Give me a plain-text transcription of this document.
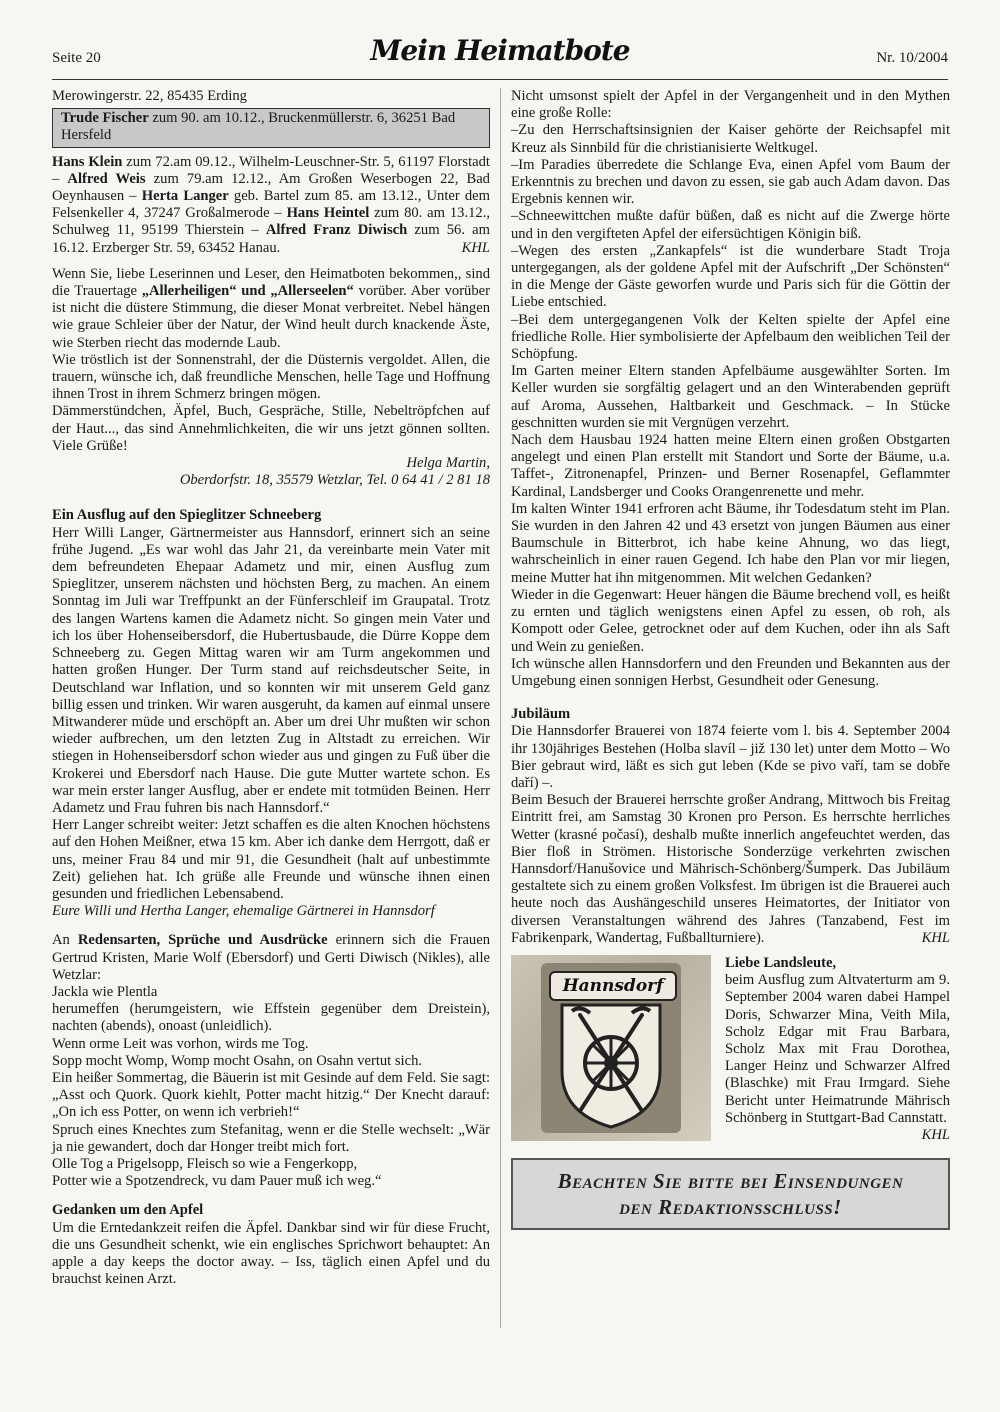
Seite 20	Mein Heimatbote	Nr. 10/2004

Merowingerstr. 22, 85435 Erding

Trude Fischer zum 90. am 10.12., Bruckenmüllerstr. 6, 36251 Bad Hersfeld

Hans Klein zum 72.am 09.12., Wilhelm-Leuschner-Str. 5, 61197 Florstadt – Alfred Weis zum 79.am 12.12., Am Großen Weserbogen 22, Bad Oeynhausen – Herta Langer geb. Bartel zum 85. am 13.12., Unter dem Felsenkeller 4, 37247 Großalmerode – Hans Heintel zum 80. am 13.12., Schulweg 11, 95199 Thierstein – Alfred Franz Diwisch zum 56. am 16.12. Erzberger Str. 59, 63452 Hanau.	KHL

Wenn Sie, liebe Leserinnen und Leser, den Heimatboten bekommen,, sind die Trauertage „Allerheiligen“ und „Allerseelen“ vorüber. Aber vorüber ist nicht die düstere Stimmung, die dieser Monat verbreitet. Nebel hängen wie graue Schleier über der Natur, der Wind heult durch knackende Äste, wie Sterben riecht das modernde Laub.

Wie tröstlich ist der Sonnenstrahl, der die Düsternis vergoldet. Allen, die trauern, wünsche ich, daß freundliche Menschen, helle Tage und Hoffnung ihnen Trost in ihrem Schmerz bringen mögen.

Dämmerstündchen, Äpfel, Buch, Gespräche, Stille, Nebeltröpfchen auf der Haut..., das sind Annehmlichkeiten, die wir uns jetzt gönnen sollten. Viele Grüße!

Helga Martin,

Oberdorfstr. 18, 35579 Wetzlar, Tel. 0 64 41 / 2 81 18

Ein Ausflug auf den Spieglitzer Schneeberg

Herr Willi Langer, Gärtnermeister aus Hannsdorf, erinnert sich an seine frühe Jugend. „Es war wohl das Jahr 21, da vereinbarte mein Vater mit dem befreundeten Ehepaar Adametz und mir, einen Ausflug zum Spieglitzer, unserem nächsten und höchsten Berg, zu machen. An einem Sonntag im Juli war Treffpunkt an der Fünferschleif im Graupatal. Trotz des langen Wartens kamen die Adametz nicht. So gingen mein Vater und ich los über Hohenseibersdorf, die Hubertusbaude, die Dürre Koppe dem Schneeberg zu. Gegen Mittag waren wir am Turm angekommen und hatten großen Hunger. Der Turm stand auf reichsdeutscher Seite, in Deutschland war Inflation, und so konnten wir mit unserem Geld ganz billig essen und trinken. Wir waren ausgeruht, da kamen auf einmal unsere Mitwanderer müde und erschöpft an. Aber um drei Uhr mußten wir schon wieder aufbrechen, um den letzten Zug in Altstadt zu erreichen. Wir stiegen in Hohenseibersdorf schon wieder aus und gingen zu Fuß über die Krokerei und Ebersdorf nach Hause. Die gute Mutter wartete schon. Es war mein erster langer Ausflug, aber er endete mit totmüden Beinen. Herr Adametz und Frau fuhren bis nach Hannsdorf.“

Herr Langer schreibt weiter: Jetzt schaffen es die alten Knochen höchstens auf den Hohen Meißner, etwa 15 km. Aber ich danke dem Herrgott, daß er uns, meiner Frau 84 und mir 91, die Gesundheit (halt auf unbestimmte Zeit) geliehen hat. Ich grüße alle Freunde und wünsche ihnen einen gesunden und friedlichen Lebensabend.

Eure Willi und Hertha Langer, ehemalige Gärtnerei in Hannsdorf

An Redensarten, Sprüche und Ausdrücke erinnern sich die Frauen Gertrud Kristen, Marie Wolf (Ebersdorf) und Gerti Diwisch (Nikles), alle Wetzlar:

Jackla wie Plentla

herumeffen (herumgeistern, wie Effstein gegenüber dem Dreistein), nachten (abends), onoast (unleidlich).

Wenn orme Leit was vorhon, wirds me Tog.

Sopp mocht Womp, Womp mocht Osahn, on Osahn vertut sich.

Ein heißer Sommertag, die Bäuerin ist mit Gesinde auf dem Feld. Sie sagt: „Asst och Quork. Quork kiehlt, Potter macht hitzig.“ Der Knecht darauf: „On ich ess Potter, on wenn ich verbrieh!“

Spruch eines Knechtes zum Stefanitag, wenn er die Stelle wechselt: „Wär ja nie gewandert, doch dar Honger treibt mich fort.

Olle Tog a Prigelsopp, Fleisch so wie a Fengerkopp,

Potter wie a Spotzendreck, vu dam Pauer muß ich weg.“

Gedanken um den Apfel

Um die Erntedankzeit reifen die Äpfel. Dankbar sind wir für diese Frucht, die uns Gesundheit schenkt, wie ein englisches Sprichwort behauptet: An apple a day keeps the doctor away. – Iss, täglich einen Apfel und du brauchst keinen Arzt.

Nicht umsonst spielt der Apfel in der Vergangenheit und in den Mythen eine große Rolle:

–Zu den Herrschaftsinsignien der Kaiser gehörte der Reichsapfel mit Kreuz als Sinnbild für die christianisierte Weltkugel.

–Im Paradies überredete die Schlange Eva, einen Apfel vom Baum der Erkenntnis zu brechen und davon zu essen, sie gab auch Adam davon. Das Ergebnis kennen wir.

–Schneewittchen mußte dafür büßen, daß es nicht auf die Zwerge hörte und in den vergifteten Apfel der eifersüchtigen Königin biß.

–Wegen des ersten „Zankapfels“ ist die wunderbare Stadt Troja untergegangen, als der goldene Apfel mit der Aufschrift „Der Schönsten“ in die Menge der Gäste geworfen wurde und Paris sich für die Göttin der Liebe entschied.

–Bei dem untergegangenen Volk der Kelten spielte der Apfel eine friedliche Rolle. Hier symbolisierte der Apfelbaum den weiblichen Teil der Schöpfung.

Im Garten meiner Eltern standen Apfelbäume ausgewählter Sorten. Im Keller wurden sie sorgfältig gelagert und an den Winterabenden geprüft auf Aroma, Aussehen, Haltbarkeit und Geschmack. – In Stücke geschnitten wurden sie mit Vergnügen verzehrt.

Nach dem Hausbau 1924 hatten meine Eltern einen großen Obstgarten angelegt und einen Plan erstellt mit Standort und Sorte der Bäume, u.a. Taffet-, Zitronenapfel, Prinzen- und Berner Rosenapfel, Geflammter Kardinal, Landsberger und Cooks Orangenrenette und mehr.

Im kalten Winter 1941 erfroren acht Bäume, ihr Todesdatum steht im Plan. Sie wurden in den Jahren 42 und 43 ersetzt von jungen Bäumen aus einer Baumschule in Bitterbrot, ich habe keine Ahnung, wo das liegt, wahrscheinlich in einer rauen Gegend. Ich habe den Plan vor mir liegen, meine Mutter hat ihn mitgenommen. Mit welchen Gedanken?

Wieder in die Gegenwart: Heuer hängen die Bäume brechend voll, es heißt zu ernten und täglich wenigstens einen Apfel zu essen, ob roh, als Kompott oder Gelee, getrocknet oder auf dem Kuchen, oder ihn als Saft und Wein zu genießen.

Ich wünsche allen Hannsdorfern und den Freunden und Bekannten aus der Umgebung einen sonnigen Herbst, Gesundheit oder Genesung.

Jubiläum

Die Hannsdorfer Brauerei von 1874 feierte vom l. bis 4. September 2004 ihr 130jähriges Bestehen (Holba slavíl – již 130 let) unter dem Motto – Wo Bier gebraut wird, läßt es sich gut leben (Kde se pivo vaří, tam se dobře daří) –.

Beim Besuch der Brauerei herrschte großer Andrang, Mittwoch bis Freitag Eintritt frei, am Samstag 30 Kronen pro Person. Es herrschte herrliches Wetter (krasné počasí), deshalb mußte innerlich angefeuchtet werden, das Bier floß in Strömen. Historische Sonderzüge verkehrten zwischen Hannsdorf/Hanušovice und Mährisch-Schönberg/Šumperk. Das Jubiläum gestaltete sich zu einem großen Volksfest. Im übrigen ist die Brauerei auch heute noch das Aushängeschild unseres Heimatortes, der Initiator von diversen Veranstaltungen während des Jahres (Tanzabend, Fest im Fabrikenpark, Wandertag, Fußballturniere).	KHL

Hannsdorf

Liebe Landsleute,

beim Ausflug zum Altvaterturm am 9. September 2004 waren dabei Hampel Doris, Schwarzer Mina, Veith Mila, Scholz Edgar mit Frau Barbara, Scholz Max mit Frau Dorothea, Langer Heinz und Schwarzer Alfred (Blaschke) mit Frau Irmgard. Siehe Bericht unter Heimatrunde Mährisch Schönberg in Stuttgart-Bad Cannstatt.
KHL

Beachten Sie bitte bei Einsendungen
den Redaktionsschluss!
